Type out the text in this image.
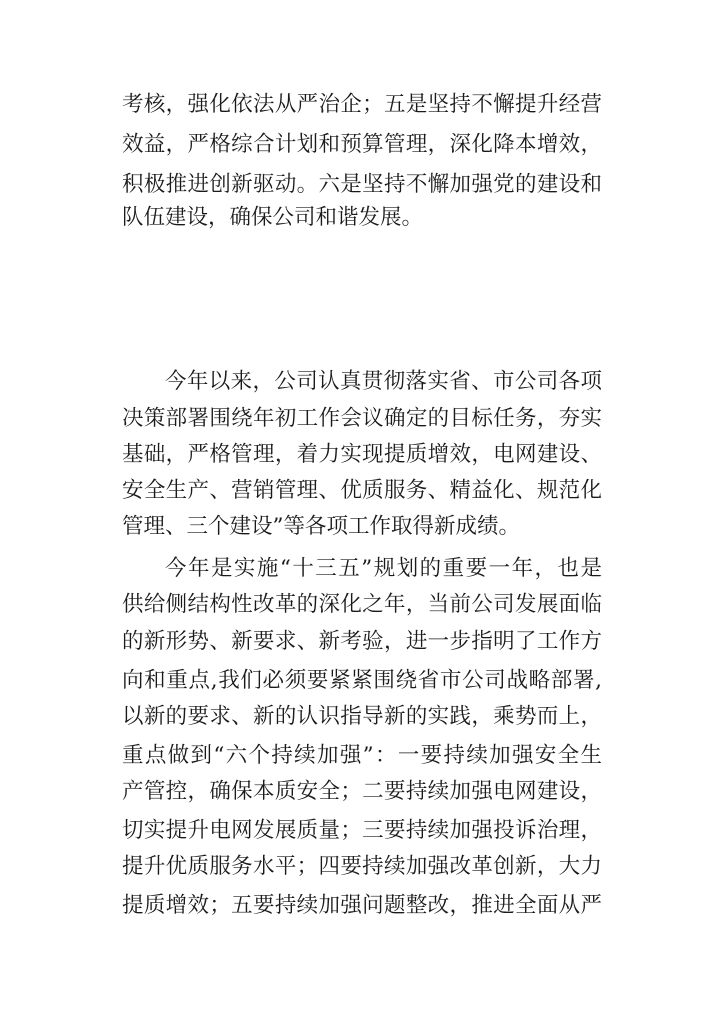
考核，强化依法从严治企；五是坚持不懈提升经营
效益，严格综合计划和预算管理，深化降本增效，
积极推进创新驱动。六是坚持不懈加强党的建设和
队伍建设，确保公司和谐发展。
今年以来，公司认真贯彻落实省、市公司各项
决策部署围绕年初工作会议确定的目标任务，夯实
基础，严格管理，着力实现提质增效，电网建设、
安全生产、营销管理、优质服务、精益化、规范化
管理、三个建设”等各项工作取得新成绩。
今年是实施“十三五”规划的重要一年，也是
供给侧结构性改革的深化之年，当前公司发展面临
的新形势、新要求、新考验，进一步指明了工作方
向和重点,我们必须要紧紧围绕省市公司战略部署,
以新的要求、新的认识指导新的实践，乘势而上，
重点做到“六个持续加强”：一要持续加强安全生
产管控，确保本质安全；二要持续加强电网建设，
切实提升电网发展质量；三要持续加强投诉治理，
提升优质服务水平；四要持续加强改革创新，大力
提质增效；五要持续加强问题整改，推进全面从严
